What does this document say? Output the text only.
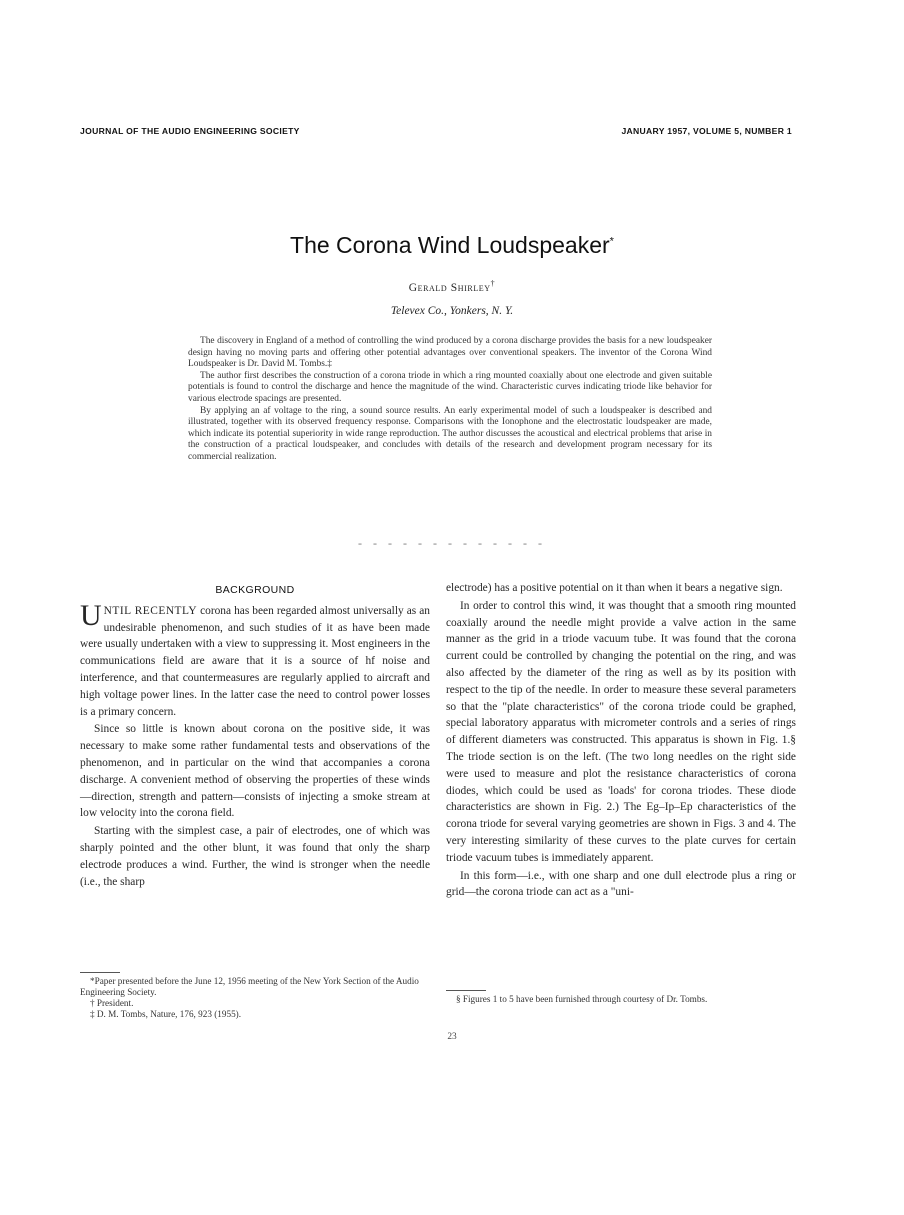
JOURNAL OF THE AUDIO ENGINEERING SOCIETY	JANUARY 1957, VOLUME 5, NUMBER 1
The Corona Wind Loudspeaker*
Gerald Shirley†
Televex Co., Yonkers, N. Y.

The discovery in England of a method of controlling the wind produced by a corona discharge provides the basis for a new loudspeaker design having no moving parts and offering other potential advantages over conventional speakers. The inventor of the Corona Wind Loudspeaker is Dr. David M. Tombs.‡

The author first describes the construction of a corona triode in which a ring mounted coaxially about one electrode and given suitable potentials is found to control the discharge and hence the magnitude of the wind. Characteristic curves indicating triode like behavior for various electrode spacings are presented.

By applying an af voltage to the ring, a sound source results. An early experimental model of such a loudspeaker is described and illustrated, together with its observed frequency response. Comparisons with the Ionophone and the electrostatic loudspeaker are made, which indicate its potential superiority in wide range reproduction. The author discusses the acoustical and electrical problems that arise in the construction of a practical loudspeaker, and concludes with details of the research and development program necessary for its commercial realization.

- - - - - - - - - - - - -
BACKGROUND

UNTIL RECENTLY corona has been regarded almost universally as an undesirable phenomenon, and such studies of it as have been made were usually undertaken with a view to suppressing it. Most engineers in the communications field are aware that it is a source of hf noise and interference, and that countermeasures are regularly applied to aircraft and high voltage power lines. In the latter case the need to control power losses is a primary concern.

Since so little is known about corona on the positive side, it was necessary to make some rather fundamental tests and observations of the phenomenon, and in particular on the wind that accompanies a corona discharge. A convenient method of observing the properties of these winds—direction, strength and pattern—consists of injecting a smoke stream at low velocity into the corona field.

Starting with the simplest case, a pair of electrodes, one of which was sharply pointed and the other blunt, it was found that only the sharp electrode produces a wind. Further, the wind is stronger when the needle (i.e., the sharp

electrode) has a positive potential on it than when it bears a negative sign.

In order to control this wind, it was thought that a smooth ring mounted coaxially around the needle might provide a valve action in the same manner as the grid in a triode vacuum tube. It was found that the corona current could be controlled by changing the potential on the ring, and was also affected by the diameter of the ring as well as by its position with respect to the tip of the needle. In order to measure these several parameters so that the "plate characteristics" of the corona triode could be graphed, special laboratory apparatus with micrometer controls and a series of rings of different diameters was constructed. This apparatus is shown in Fig. 1.§ The triode section is on the left. (The two long needles on the right side were used to measure and plot the resistance characteristics of corona diodes, which could be used as 'loads' for corona triodes. These diode characteristics are shown in Fig. 2.) The Eg–Ip–Ep characteristics of the corona triode for several varying geometries are shown in Figs. 3 and 4. The very interesting similarity of these curves to the plate curves for certain triode vacuum tubes is immediately apparent.

In this form—i.e., with one sharp and one dull electrode plus a ring or grid—the corona triode can act as a "uni-

*Paper presented before the June 12, 1956 meeting of the New York Section of the Audio Engineering Society.

† President.

‡ D. M. Tombs, Nature, 176, 923 (1955).

§ Figures 1 to 5 have been furnished through courtesy of Dr. Tombs.

23
